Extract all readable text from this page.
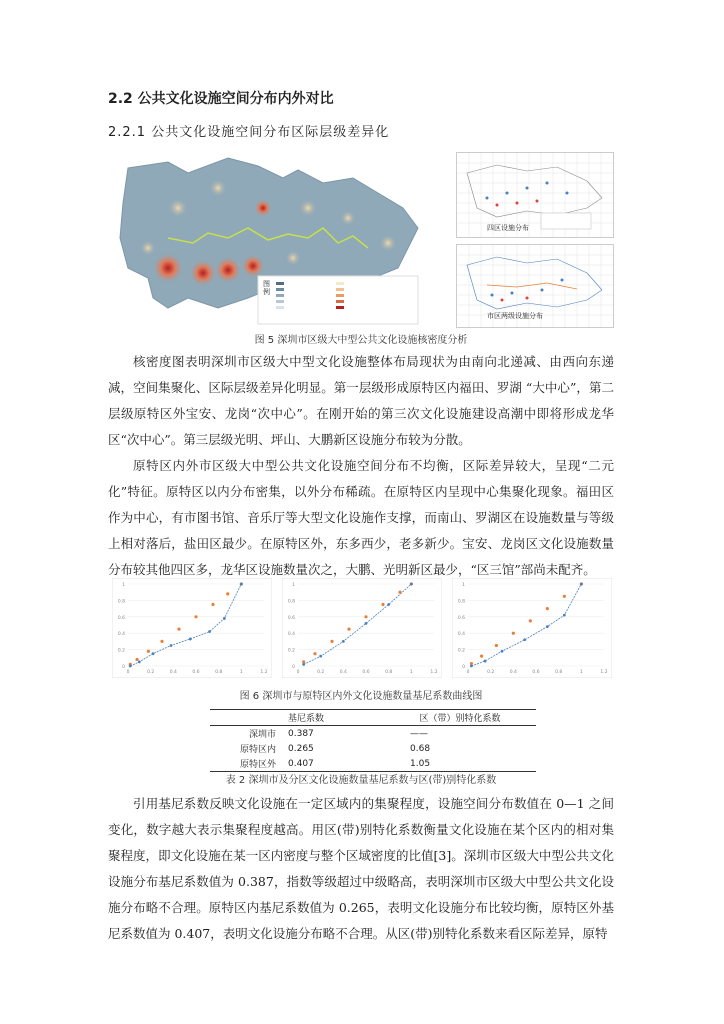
2.2 公共文化设施空间分布内外对比
2.2.1 公共文化设施空间分布区际层级差异化
图例
四区设施分布
市区两级设施分布
图 5 深圳市区级大中型公共文化设施核密度分析

核密度图表明深圳市区级大中型文化设施整体布局现状为由南向北递减、由西向东递减，空间集聚化、区际层级差异化明显。第一层级形成原特区内福田、罗湖 “大中心”，第二层级原特区外宝安、龙岗“次中心”。在刚开始的第三次文化设施建设高潮中即将形成龙华区“次中心”。第三层级光明、坪山、大鹏新区设施分布较为分散。

原特区内外市区级大中型公共文化设施空间分布不均衡，区际差异较大，呈现“二元化”特征。原特区以内分布密集，以外分布稀疏。在原特区内呈现中心集聚化现象。福田区作为中心，有市图书馆、音乐厅等大型文化设施作支撑，而南山、罗湖区在设施数量与等级上相对落后，盐田区最少。在原特区外，东多西少，老多新少。宝安、龙岗区文化设施数量分布较其他四区多，龙华区设施数量次之，大鹏、光明新区最少，“区三馆”部尚未配齐。

1
0.8
0.6
0.4
0.2
0
0	0.2	0.4	0.6	0.8	1	1.2
1
0.8
0.6
0.4
0.2
0
0	0.2	0.4	0.6	0.8	1	1.2
1
0.8
0.6
0.4
0.2
0
0	0.2	0.4	0.6	0.8	1	1.2
图 6 深圳市与原特区内外文化设施数量基尼系数曲线图
	基尼系数	区（带）别特化系数
深圳市	0.387	——
原特区内	0.265	0.68
原特区外	0.407	1.05
表 2 深圳市及分区文化设施数量基尼系数与区(带)别特化系数

引用基尼系数反映文化设施在一定区域内的集聚程度，设施空间分布数值在 0—1 之间变化，数字越大表示集聚程度越高。用区(带)别特化系数衡量文化设施在某个区内的相对集聚程度，即文化设施在某一区内密度与整个区域密度的比值[3]。深圳市区级大中型公共文化设施分布基尼系数值为 0.387，指数等级超过中级略高，表明深圳市区级大中型公共文化设施分布略不合理。原特区内基尼系数值为 0.265，表明文化设施分布比较均衡，原特区外基尼系数值为 0.407，表明文化设施分布略不合理。从区(带)别特化系数来看区际差异，原特
